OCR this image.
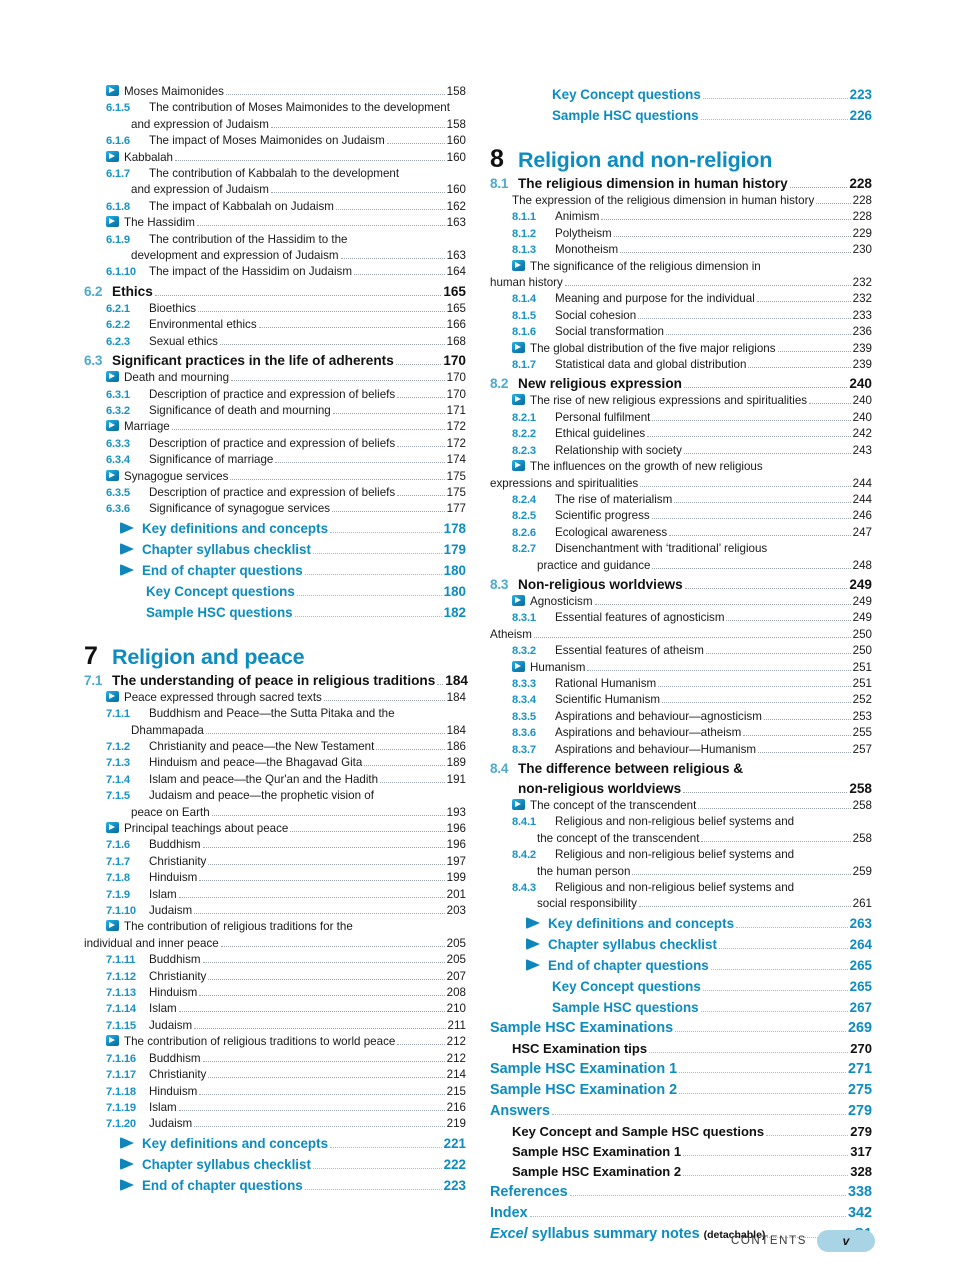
Moses Maimonides	158
6.1.5	The contribution of Moses Maimonides to the development
and expression of Judaism	158
6.1.6	The impact of Moses Maimonides on Judaism	160
Kabbalah	160
6.1.7	The contribution of Kabbalah to the development
and expression of Judaism	160
6.1.8	The impact of Kabbalah on Judaism	162
The Hassidim	163
6.1.9	The contribution of the Hassidim to the
development and expression of Judaism	163
6.1.10	The impact of the Hassidim on Judaism	164
6.2 Ethics	165
6.2.1	Bioethics	165
6.2.2	Environmental ethics	166
6.2.3	Sexual ethics	168
6.3 Significant practices in the life of adherents	170
Death and mourning	170
6.3.1	Description of practice and expression of beliefs	170
6.3.2	Significance of death and mourning	171
Marriage	172
6.3.3	Description of practice and expression of beliefs	172
6.3.4	Significance of marriage	174
Synagogue services	175
6.3.5	Description of practice and expression of beliefs	175
6.3.6	Significance of synagogue services	177
Key definitions and concepts	178
Chapter syllabus checklist	179
End of chapter questions	180
Key Concept questions	180
Sample HSC questions	182
7 Religion and peace
7.1 The understanding of peace in religious traditions 184
Peace expressed through sacred texts	184
7.1.1	Buddhism and Peace—the Sutta Pitaka and the
Dhammapada	184
7.1.2	Christianity and peace—the New Testament	186
7.1.3	Hinduism and peace—the Bhagavad Gita	189
7.1.4	Islam and peace—the Qur'an and the Hadith	191
7.1.5	Judaism and peace—the prophetic vision of
peace on Earth	193
Principal teachings about peace	196
7.1.6	Buddhism	196
7.1.7	Christianity	197
7.1.8	Hinduism	199
7.1.9	Islam	201
7.1.10	Judaism	203
The contribution of religious traditions for the
individual and inner peace	205
7.1.11	Buddhism	205
7.1.12	Christianity	207
7.1.13	Hinduism	208
7.1.14	Islam	210
7.1.15	Judaism	211
The contribution of religious traditions to world peace	212
7.1.16	Buddhism	212
7.1.17	Christianity	214
7.1.18	Hinduism	215
7.1.19	Islam	216
7.1.20	Judaism	219
Key definitions and concepts	221
Chapter syllabus checklist	222
End of chapter questions	223
Key Concept questions	223
Sample HSC questions	226
8 Religion and non-religion
8.1 The religious dimension in human history	228
The expression of the religious dimension in human history	228
8.1.1	Animism	228
8.1.2	Polytheism	229
8.1.3	Monotheism	230
The significance of the religious dimension in
human history	232
8.1.4	Meaning and purpose for the individual	232
8.1.5	Social cohesion	233
8.1.6	Social transformation	236
The global distribution of the five major religions	239
8.1.7	Statistical data and global distribution	239
8.2 New religious expression	240
The rise of new religious expressions and spiritualities	240
8.2.1	Personal fulfilment	240
8.2.2	Ethical guidelines	242
8.2.3	Relationship with society	243
The influences on the growth of new religious
expressions and spiritualities	244
8.2.4	The rise of materialism	244
8.2.5	Scientific progress	246
8.2.6	Ecological awareness	247
8.2.7	Disenchantment with ‘traditional’ religious
practice and guidance	248
8.3 Non-religious worldviews	249
Agnosticism	249
8.3.1	Essential features of agnosticism	249
Atheism	250
8.3.2	Essential features of atheism	250
Humanism	251
8.3.3	Rational Humanism	251
8.3.4	Scientific Humanism	252
8.3.5	Aspirations and behaviour—agnosticism	253
8.3.6	Aspirations and behaviour—atheism	255
8.3.7	Aspirations and behaviour—Humanism	257
8.4 The difference between religious &
non-religious worldviews	258
The concept of the transcendent	258
8.4.1	Religious and non-religious belief systems and
the concept of the transcendent	258
8.4.2	Religious and non-religious belief systems and
the human person	259
8.4.3	Religious and non-religious belief systems and
social responsibility	261
Key definitions and concepts	263
Chapter syllabus checklist	264
End of chapter questions	265
Key Concept questions	265
Sample HSC questions	267
Sample HSC Examinations	269
HSC Examination tips	270
Sample HSC Examination 1	271
Sample HSC Examination 2	275
Answers	279
Key Concept and Sample HSC questions	279
Sample HSC Examination 1	317
Sample HSC Examination 2	328
References	338
Index	342
Excel syllabus summary notes (detachable)
CONTENTS	v
